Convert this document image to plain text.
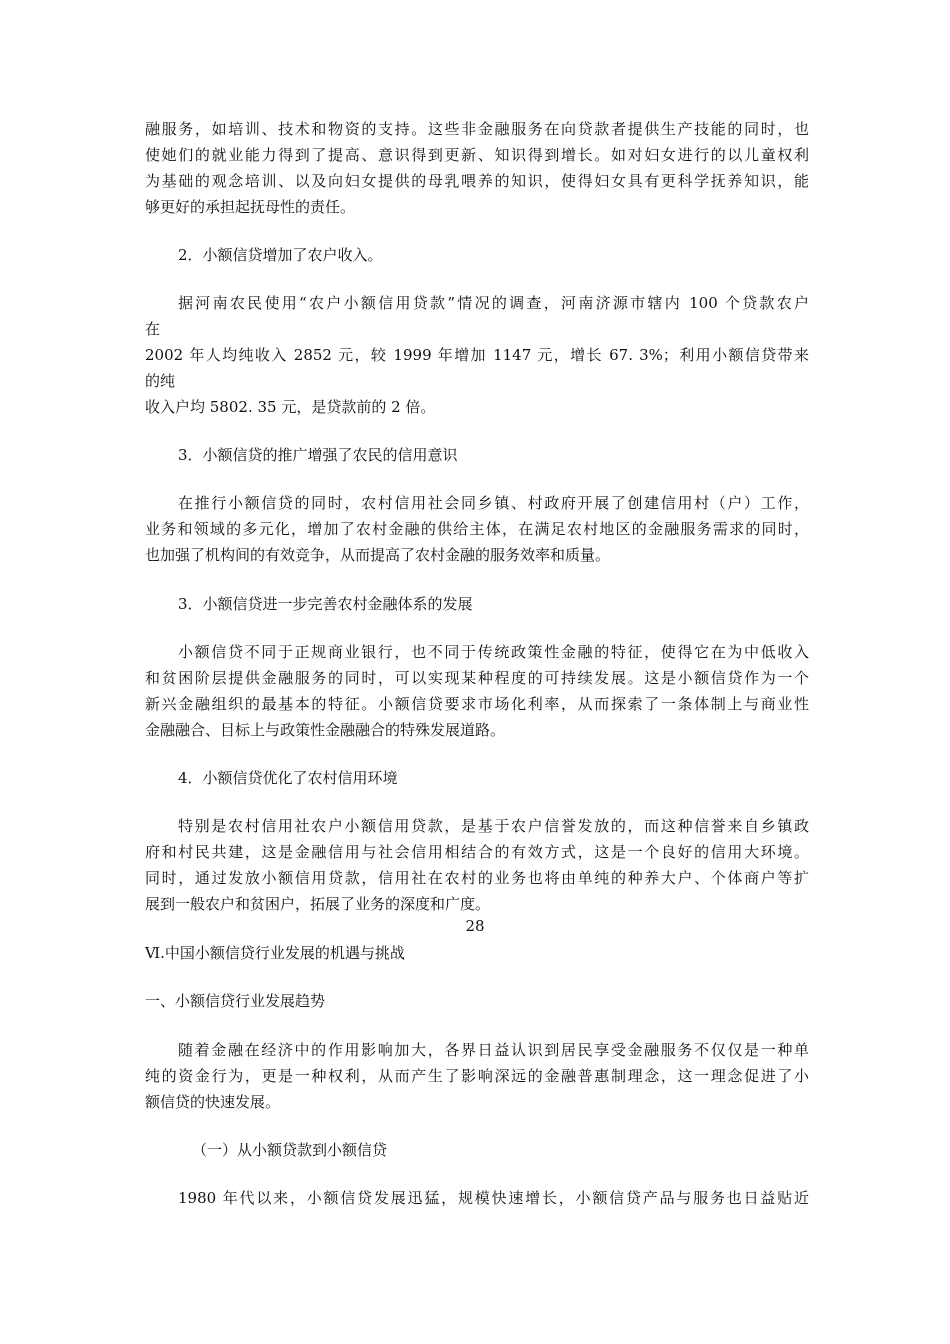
融服务，如培训、技术和物资的支持。这些非金融服务在向贷款者提供生产技能的同时，也
使她们的就业能力得到了提高、意识得到更新、知识得到增长。如对妇女进行的以儿童权利
为基础的观念培训、以及向妇女提供的母乳喂养的知识，使得妇女具有更科学抚养知识，能
够更好的承担起抚母性的责任。
2．小额信贷增加了农户收入。
据河南农民使用“农户小额信用贷款”情况的调查，河南济源市辖内 100 个贷款农户
在
2002 年人均纯收入 2852 元，较 1999 年增加 1147 元，增长 67. 3%；利用小额信贷带来
的纯
收入户均 5802. 35 元，是贷款前的 2 倍。
3．小额信贷的推广增强了农民的信用意识
在推行小额信贷的同时，农村信用社会同乡镇、村政府开展了创建信用村（户）工作，
业务和领域的多元化，增加了农村金融的供给主体，在满足农村地区的金融服务需求的同时，
也加强了机构间的有效竞争，从而提高了农村金融的服务效率和质量。
3．小额信贷进一步完善农村金融体系的发展
小额信贷不同于正规商业银行，也不同于传统政策性金融的特征，使得它在为中低收入
和贫困阶层提供金融服务的同时，可以实现某种程度的可持续发展。这是小额信贷作为一个
新兴金融组织的最基本的特征。小额信贷要求市场化利率，从而探索了一条体制上与商业性
金融融合、目标上与政策性金融融合的特殊发展道路。
4．小额信贷优化了农村信用环境
特别是农村信用社农户小额信用贷款，是基于农户信誉发放的，而这种信誉来自乡镇政
府和村民共建，这是金融信用与社会信用相结合的有效方式，这是一个良好的信用大环境。
同时，通过发放小额信用贷款，信用社在农村的业务也将由单纯的种养大户、个体商户等扩
展到一般农户和贫困户，拓展了业务的深度和广度。
28
Ⅵ.中国小额信贷行业发展的机遇与挑战
一、小额信贷行业发展趋势
随着金融在经济中的作用影响加大，各界日益认识到居民享受金融服务不仅仅是一种单
纯的资金行为，更是一种权利，从而产生了影响深远的金融普惠制理念，这一理念促进了小
额信贷的快速发展。
（一）从小额贷款到小额信贷
1980 年代以来，小额信贷发展迅猛，规模快速增长，小额信贷产品与服务也日益贴近
